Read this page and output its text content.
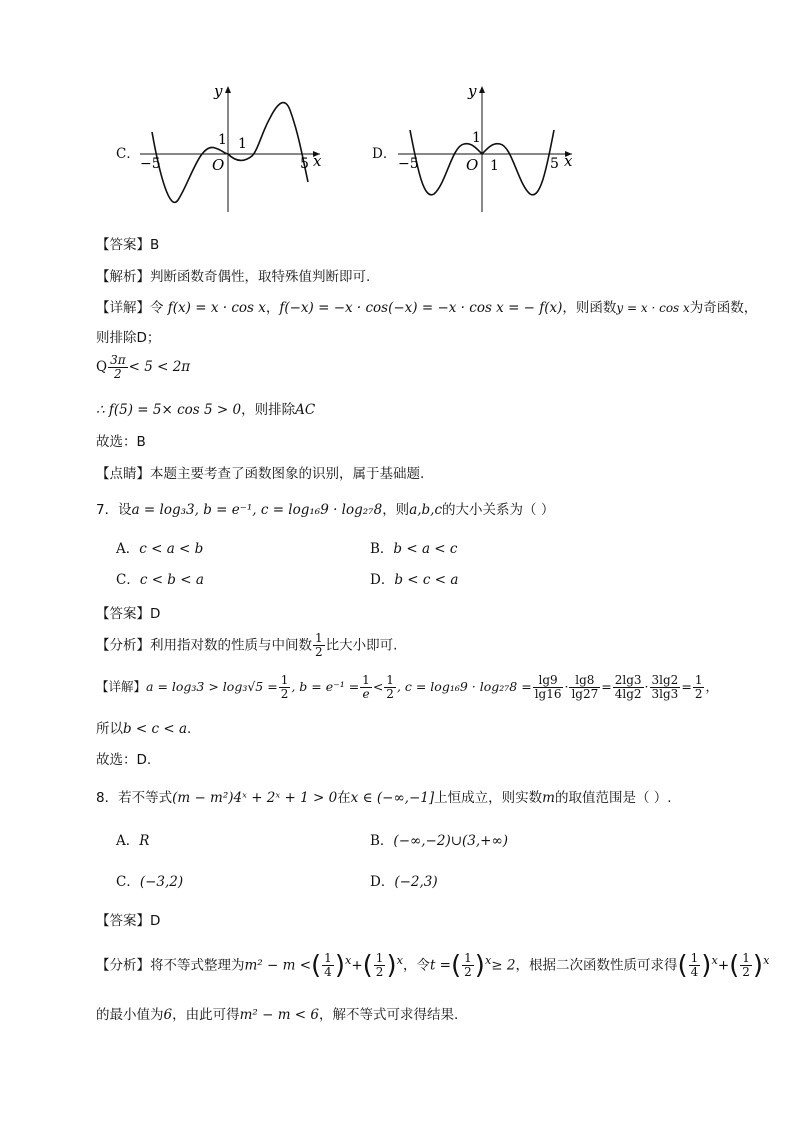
C．
y
x
O
1 1
−5	5
D．
y
x
O
1
1
−5	5
【答案】B
【解析】判断函数奇偶性，取特殊值判断即可.
【详解】令 f(x) = x · cos x，f(−x) = −x · cos(−x) = −x · cos x = − f(x)，则函数y = x · cos x为奇函数，
则排除D；
Q $\frac{3\pi}{2} < 5 < 2\pi$
∴ f(5) = 5× cos 5 > 0，则排除AC
故选：B
【点睛】本题主要考查了函数图象的识别，属于基础题.
7．设a = log₃3, b = e⁻¹, c = log₁₆9 · log₂₇8，则a,b,c的大小关系为（ ）
A．c < a < b	B．b < a < c
C．c < b < a	D．b < c < a
【答案】D
【分析】利用指对数的性质与中间数 $\frac{1}{2}$ 比大小即可.
【详解】$a = \log_33 > \log_3√5 = \frac{1}{2}$ , $b = e^{-1} = \frac{1}{e} < \frac{1}{2}$ , $c = \log_{16}9 \cdot \log_{27}8 = \frac{\lg 9}{\lg 16} \cdot \frac{\lg 8}{\lg 27} = \frac{2\lg 3}{4\lg 2} \cdot \frac{3\lg 2}{3\lg 3} = \frac{1}{2}$ ，
所以b < c < a.
故选：D.
8．若不等式(m − m²)4ˣ + 2ˣ + 1 > 0在x ∈ (−∞,−1]上恒成立，则实数m的取值范围是（ ）.
A．R	B．(−∞,−2)∪(3,+∞)
C．(−3,2)	D．(−2,3)
【答案】D
【分析】将不等式整理为m² − m <( $\frac{1}{4} )^x+( \frac{1}{2} )^x$，令t =( $\frac{1}{2} )^x\ge 2$，根据二次函数性质可求得( $\frac{1}{4} )^x+( \frac{1}{2} )^x$
的最小值为6，由此可得m² − m < 6，解不等式可求得结果.
